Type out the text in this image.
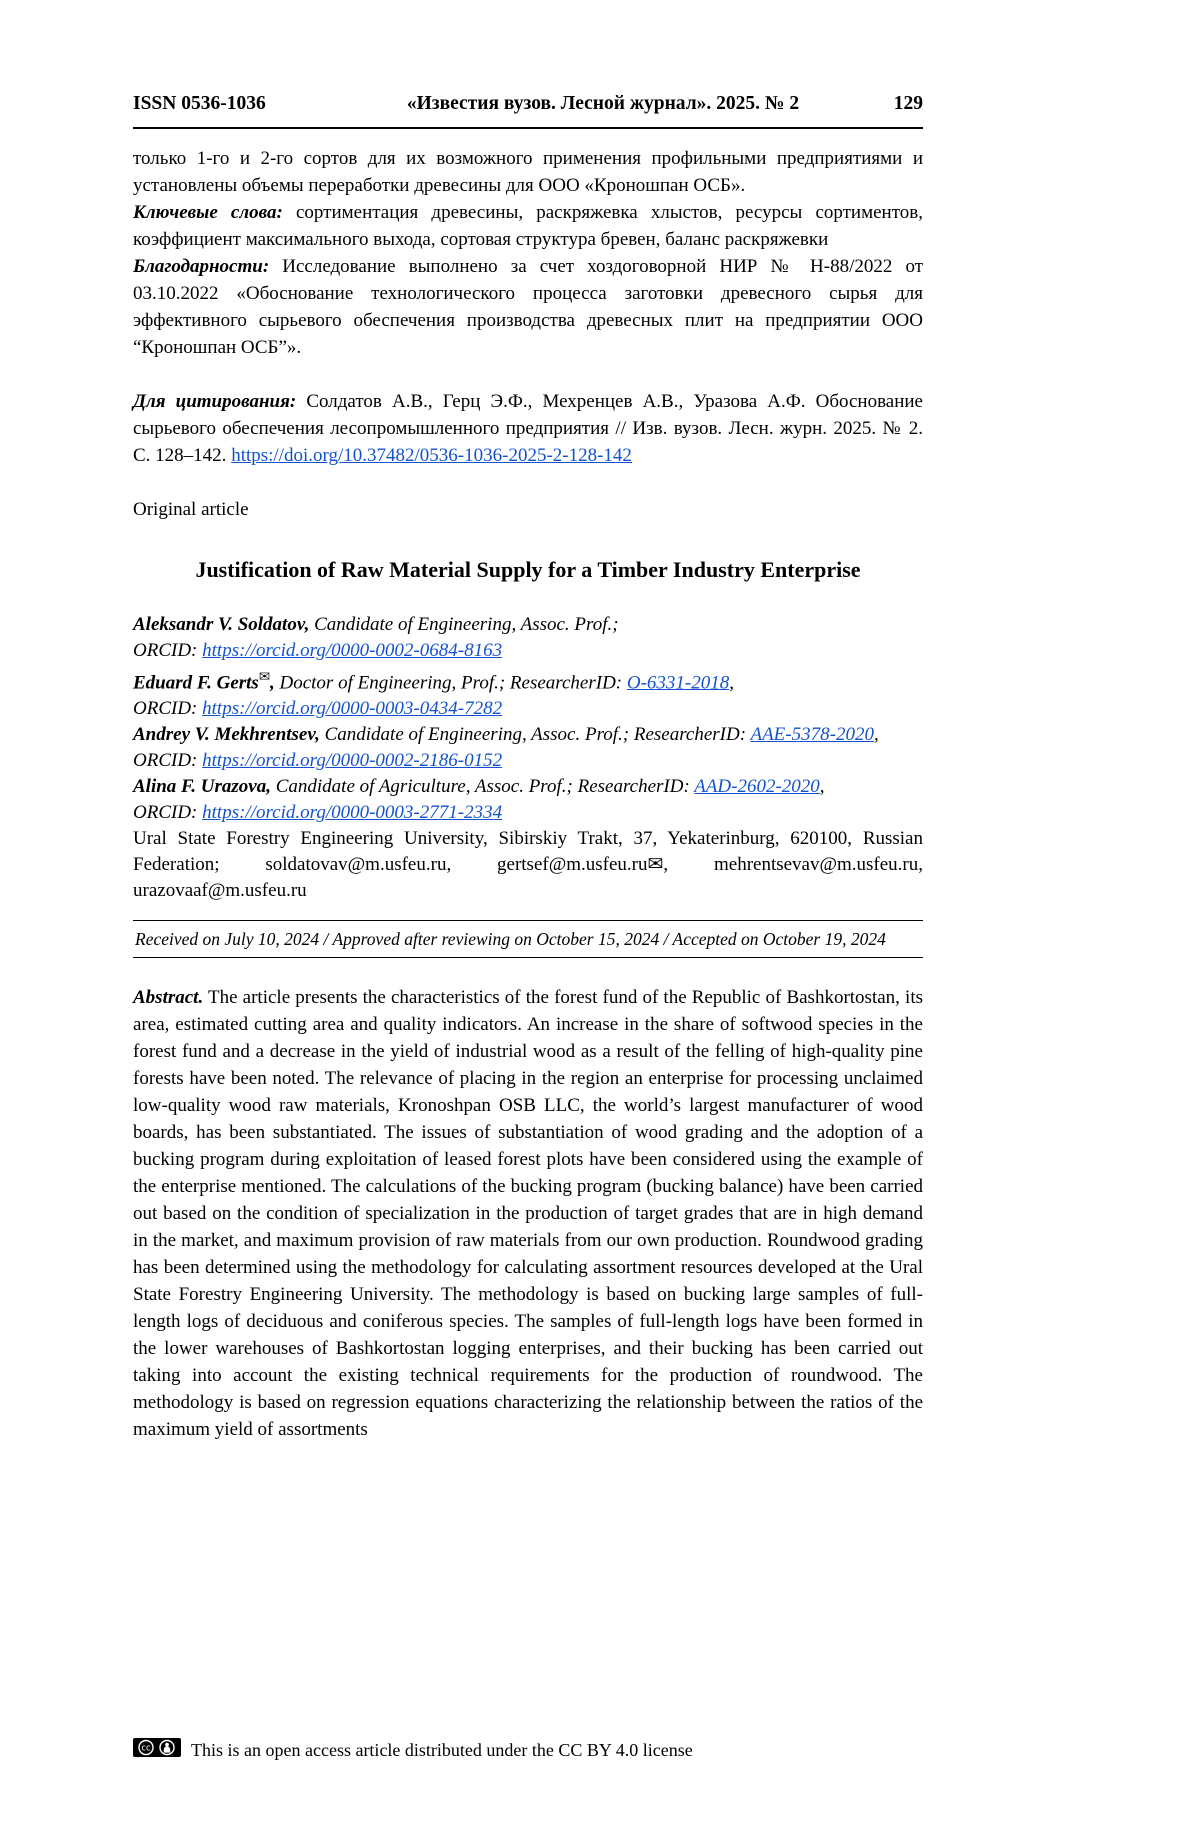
ISSN 0536-1036	«Известия вузов. Лесной журнал». 2025. № 2	129

только 1-го и 2-го сортов для их возможного применения профильными предприятиями и установлены объемы переработки древесины для ООО «Кроношпан ОСБ».

Ключевые слова: сортиментация древесины, раскряжевка хлыстов, ресурсы сортиментов, коэффициент максимального выхода, сортовая структура бревен, баланс раскряжевки

Благодарности: Исследование выполнено за счет хоздоговорной НИР № Н-88/2022 от 03.10.2022 «Обоснование технологического процесса заготовки древесного сырья для эффективного сырьевого обеспечения производства древесных плит на предприятии ООО “Кроношпан ОСБ”».

Для цитирования: Солдатов А.В., Герц Э.Ф., Мехренцев А.В., Уразова А.Ф. Обоснование сырьевого обеспечения лесопромышленного предприятия // Изв. вузов. Лесн. журн. 2025. № 2. С. 128–142. https://doi.org/10.37482/0536-1036-2025-2-128-142

Original article

Justification of Raw Material Supply for a Timber Industry Enterprise

Aleksandr V. Soldatov, Candidate of Engineering, Assoc. Prof.;

ORCID: https://orcid.org/0000-0002-0684-8163

Eduard F. Gerts✉, Doctor of Engineering, Prof.; ResearcherID: O-6331-2018,

ORCID: https://orcid.org/0000-0003-0434-7282

Andrey V. Mekhrentsev, Candidate of Engineering, Assoc. Prof.; ResearcherID: AAE-5378-2020,

ORCID: https://orcid.org/0000-0002-2186-0152

Alina F. Urazova, Candidate of Agriculture, Assoc. Prof.; ResearcherID: AAD-2602-2020,

ORCID: https://orcid.org/0000-0003-2771-2334

Ural State Forestry Engineering University, Sibirskiy Trakt, 37, Yekaterinburg, 620100, Russian Federation; soldatovav@m.usfeu.ru, gertsef@m.usfeu.ru✉, mehrentsevav@m.usfeu.ru, urazovaaf@m.usfeu.ru

Received on July 10, 2024 / Approved after reviewing on October 15, 2024 / Accepted on October 19, 2024

Abstract. The article presents the characteristics of the forest fund of the Republic of Bashkortostan, its area, estimated cutting area and quality indicators. An increase in the share of softwood species in the forest fund and a decrease in the yield of industrial wood as a result of the felling of high-quality pine forests have been noted. The relevance of placing in the region an enterprise for processing unclaimed low-quality wood raw materials, Kronoshpan OSB LLC, the world’s largest manufacturer of wood boards, has been substantiated. The issues of substantiation of wood grading and the adoption of a bucking program during exploitation of leased forest plots have been considered using the example of the enterprise mentioned. The calculations of the bucking program (bucking balance) have been carried out based on the condition of specialization in the production of target grades that are in high demand in the market, and maximum provision of raw materials from our own production. Roundwood grading has been determined using the methodology for calculating assortment resources developed at the Ural State Forestry Engineering University. The methodology is based on bucking large samples of full-length logs of deciduous and coniferous species. The samples of full-length logs have been formed in the lower warehouses of Bashkortostan logging enterprises, and their bucking has been carried out taking into account the existing technical requirements for the production of roundwood. The methodology is based on regression equations characterizing the relationship between the ratios of the maximum yield of assortments

cc This is an open access article distributed under the CC BY 4.0 license
